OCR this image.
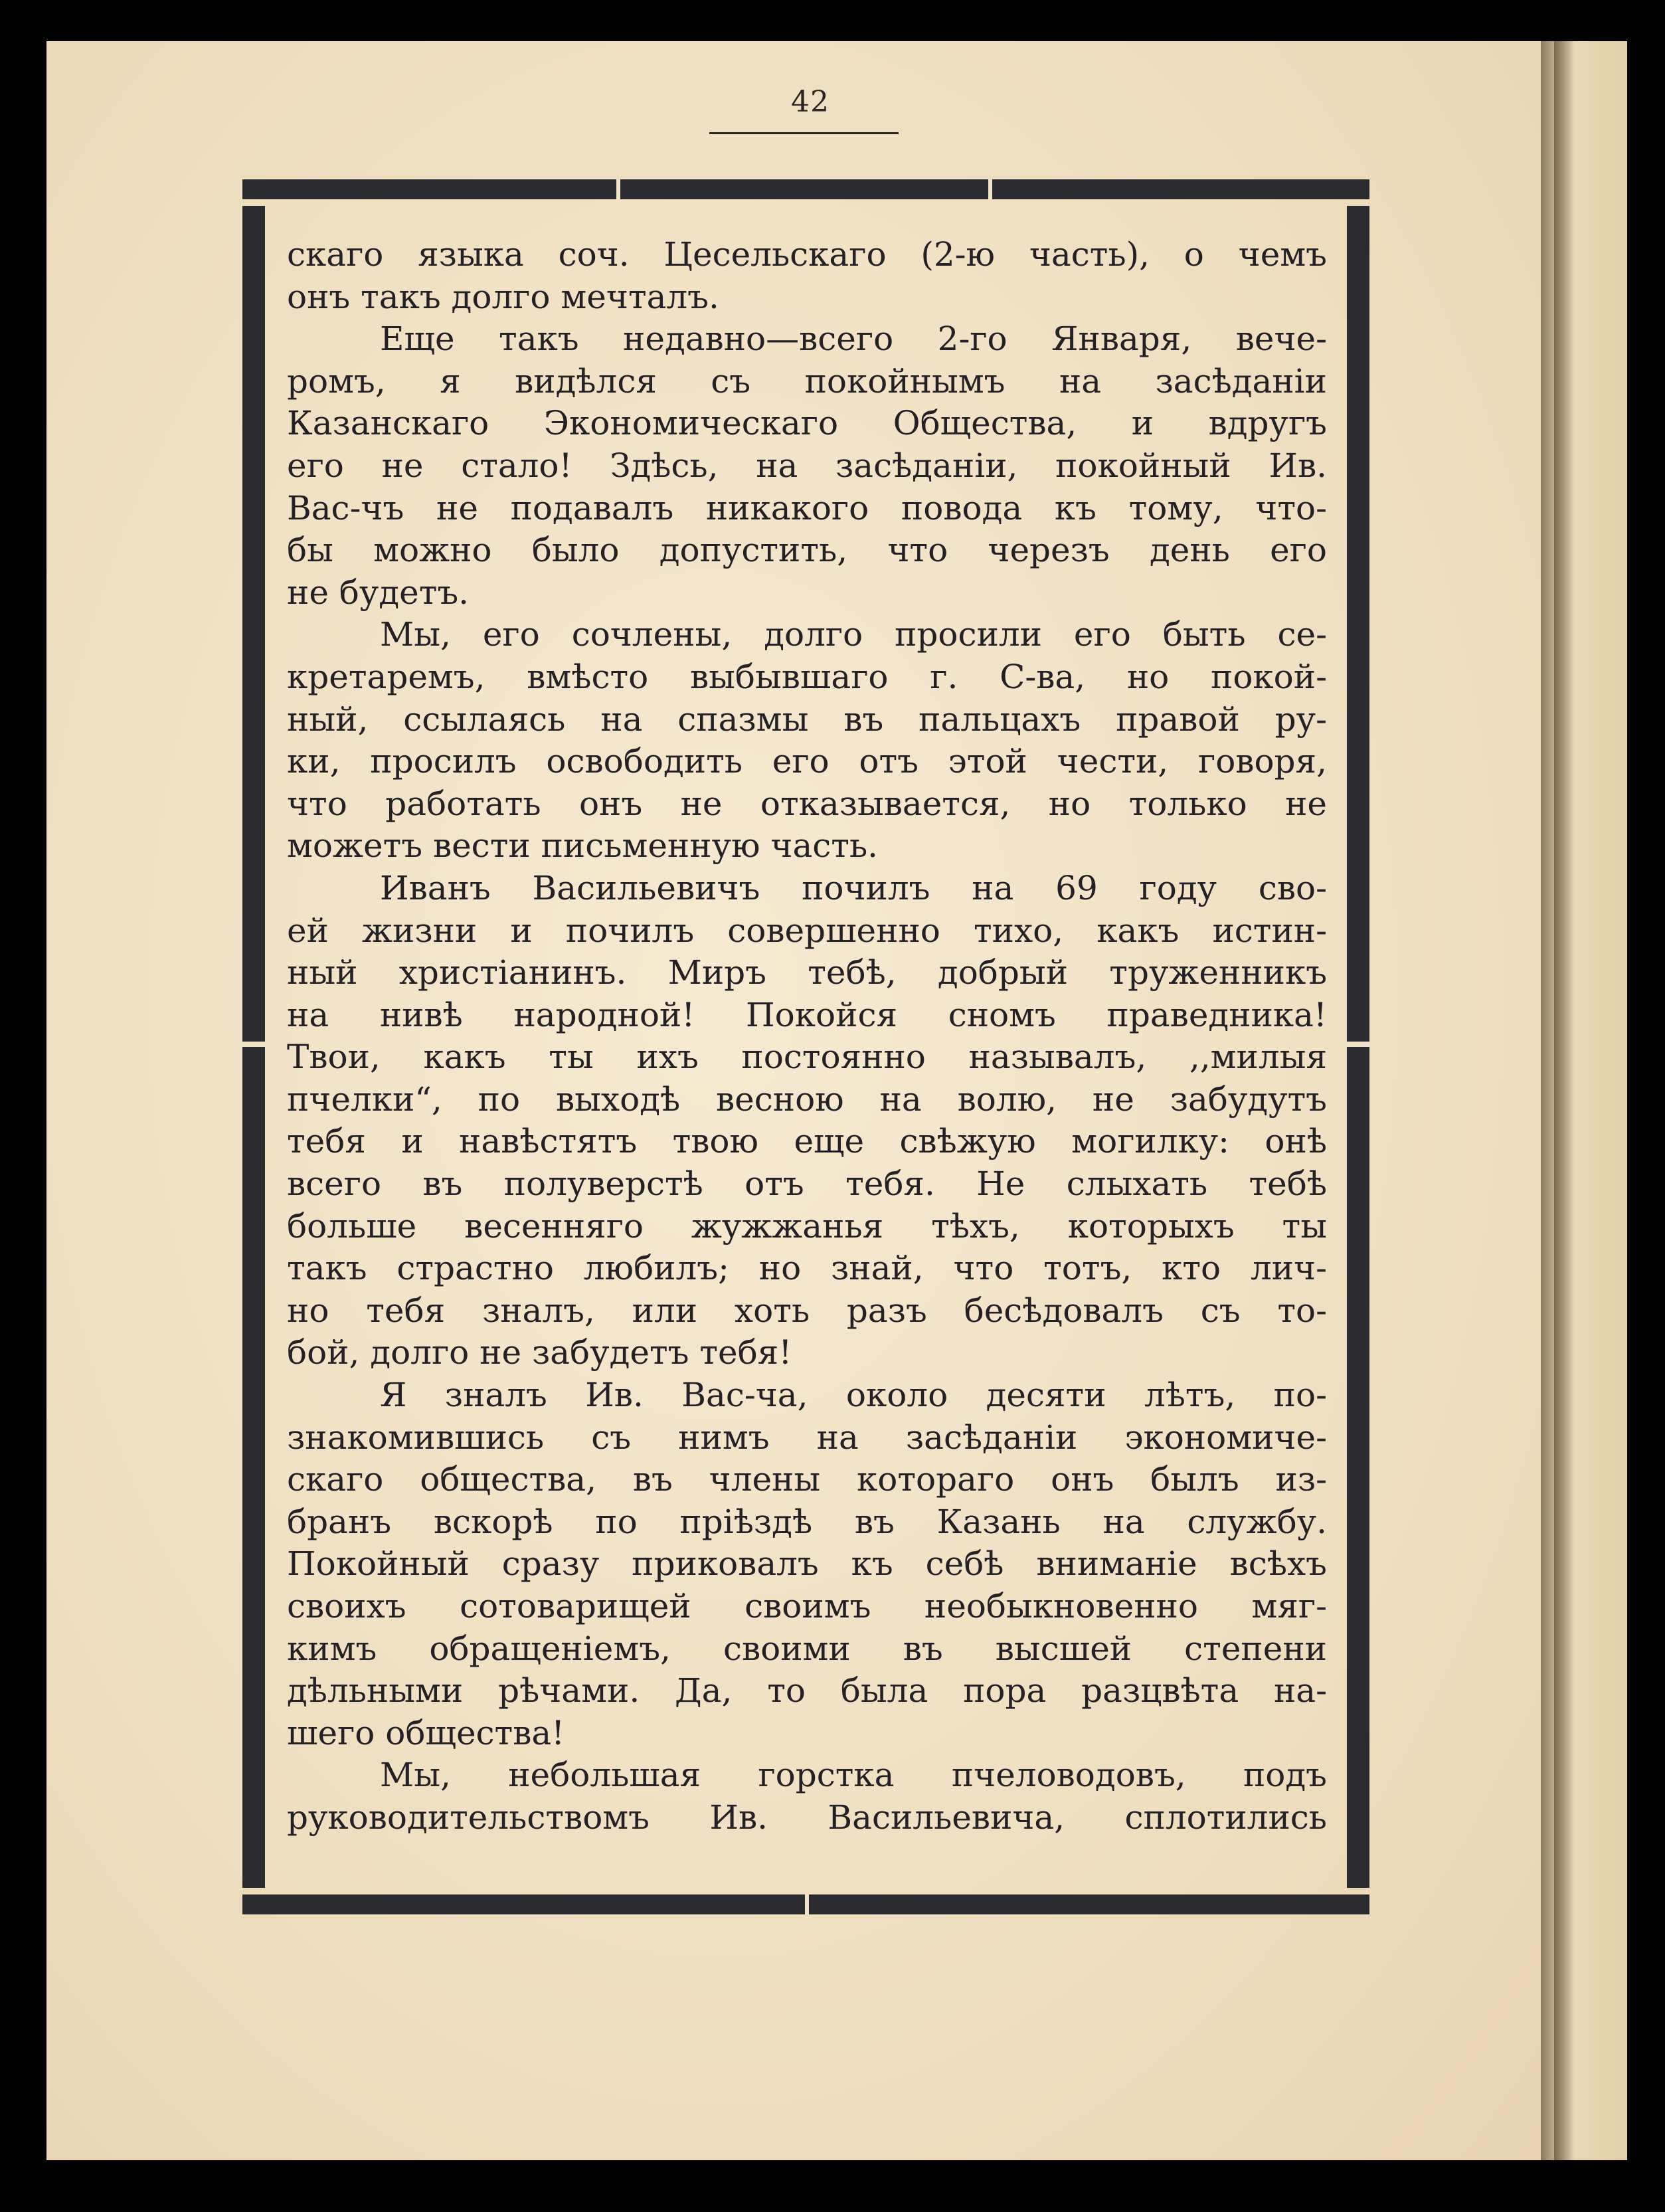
42
скаго языка соч. Цесельскаго (2-ю часть), о чемъ
онъ такъ долго мечталъ.
Еще такъ недавно—всего 2-го Января, вече-
ромъ, я видѣлся съ покойнымъ на засѣданіи
Казанскаго Экономическаго Общества, и вдругъ
его не стало! Здѣсь, на засѣданіи, покойный Ив.
Вас-чъ не подавалъ никакого повода къ тому, что-
бы можно было допустить, что черезъ день его
не будетъ.
Мы, его сочлены, долго просили его быть се-
кретаремъ, вмѣсто выбывшаго г. С-ва, но покой-
ный, ссылаясь на спазмы въ пальцахъ правой ру-
ки, просилъ освободить его отъ этой чести, говоря,
что работать онъ не отказывается, но только не
можетъ вести письменную часть.
Иванъ Васильевичъ почилъ на 69 году сво-
ей жизни и почилъ совершенно тихо, какъ истин-
ный христіанинъ. Миръ тебѣ, добрый труженникъ
на нивѣ народной! Покойся сномъ праведника!
Твои, какъ ты ихъ постоянно называлъ, ,,милыя
пчелки“, по выходѣ весною на волю, не забудутъ
тебя и навѣстятъ твою еще свѣжую могилку: онѣ
всего въ полуверстѣ отъ тебя. Не слыхать тебѣ
больше весенняго жужжанья тѣхъ, которыхъ ты
такъ страстно любилъ; но знай, что тотъ, кто лич-
но тебя зналъ, или хоть разъ бесѣдовалъ съ то-
бой, долго не забудетъ тебя!
Я зналъ Ив. Вас-ча, около десяти лѣтъ, по-
знакомившись съ нимъ на засѣданіи экономиче-
скаго общества, въ члены котораго онъ былъ из-
бранъ вскорѣ по пріѣздѣ въ Казань на службу.
Покойный сразу приковалъ къ себѣ вниманіе всѣхъ
своихъ сотоварищей своимъ необыкновенно мяг-
кимъ обращеніемъ, своими въ высшей степени
дѣльными рѣчами. Да, то была пора разцвѣта на-
шего общества!
Мы, небольшая горстка пчеловодовъ, подъ
руководительствомъ Ив. Васильевича, сплотились
